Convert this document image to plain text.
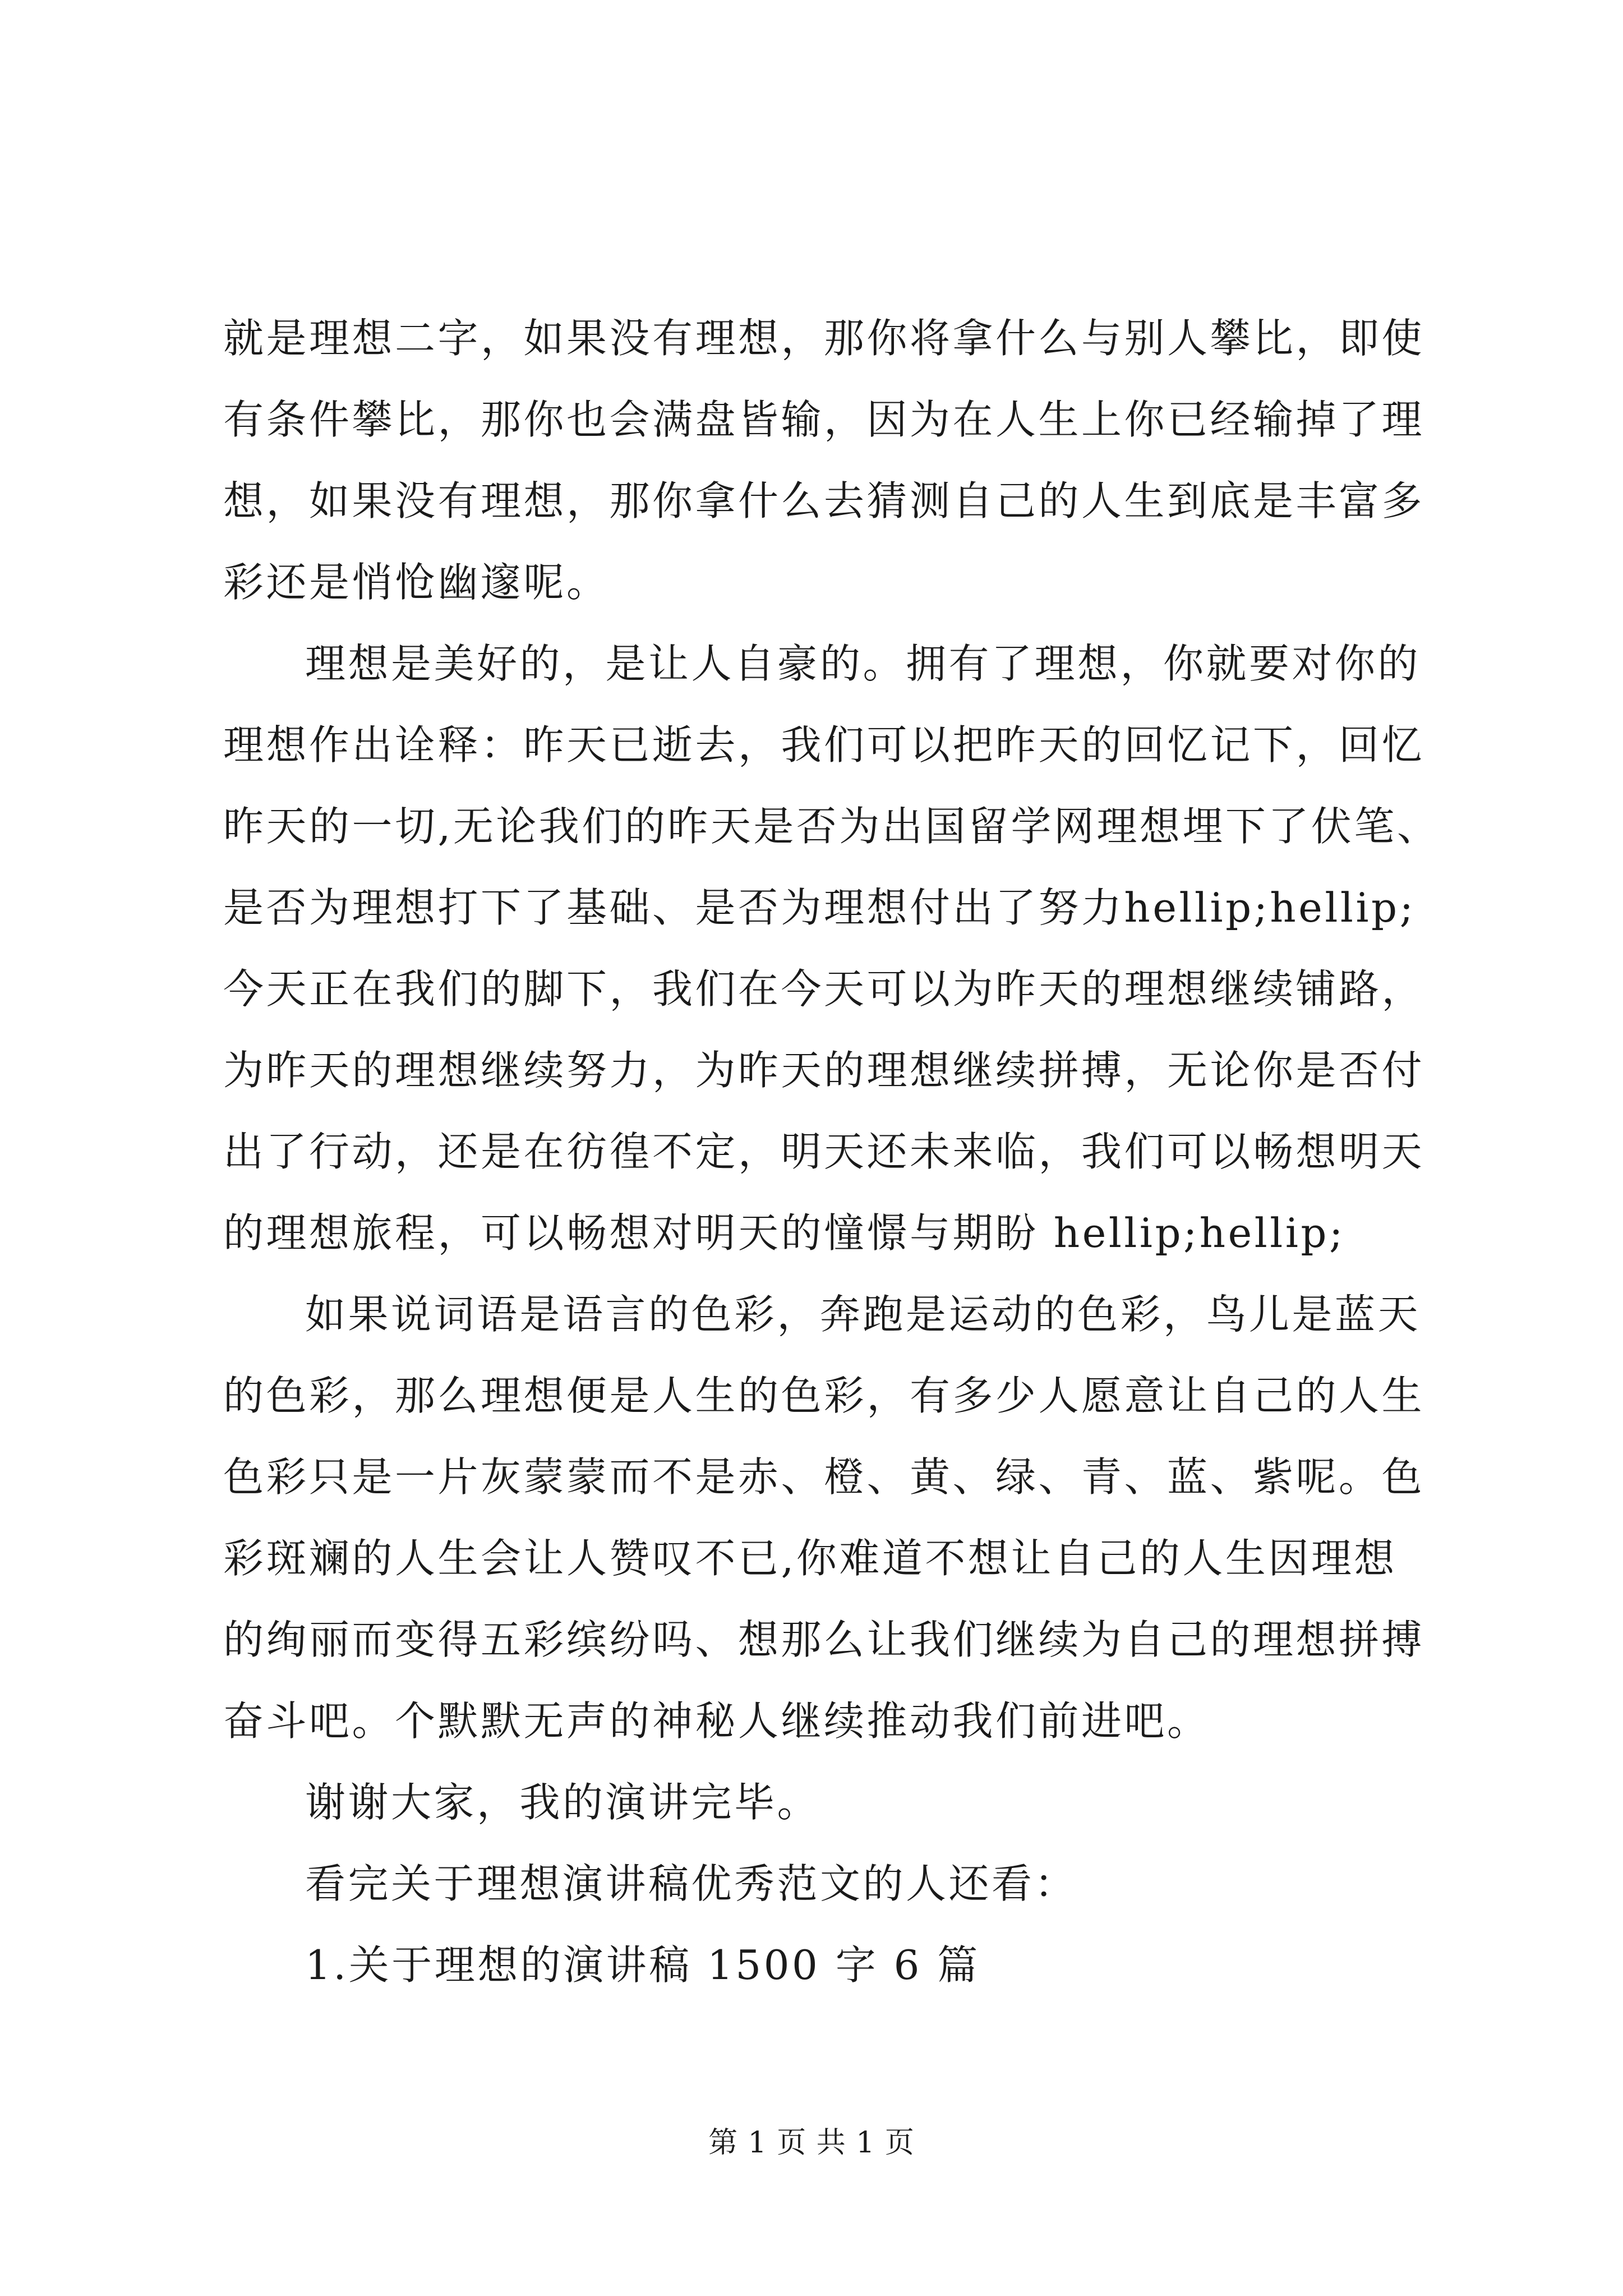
就是理想二字，如果没有理想，那你将拿什么与别人攀比，即使
有条件攀比，那你也会满盘皆输，因为在人生上你已经输掉了理
想，如果没有理想，那你拿什么去猜测自己的人生到底是丰富多
彩还是悄怆幽邃呢。
理想是美好的，是让人自豪的。拥有了理想，你就要对你的
理想作出诠释：昨天已逝去，我们可以把昨天的回忆记下，回忆
昨天的一切,无论我们的昨天是否为出国留学网理想埋下了伏笔、
是否为理想打下了基础、是否为理想付出了努力hellip;hellip;
今天正在我们的脚下，我们在今天可以为昨天的理想继续铺路，
为昨天的理想继续努力，为昨天的理想继续拼搏，无论你是否付
出了行动，还是在彷徨不定，明天还未来临，我们可以畅想明天
的理想旅程，可以畅想对明天的憧憬与期盼 hellip;hellip;
如果说词语是语言的色彩，奔跑是运动的色彩，鸟儿是蓝天
的色彩，那么理想便是人生的色彩，有多少人愿意让自己的人生
色彩只是一片灰蒙蒙而不是赤、橙、黄、绿、青、蓝、紫呢。色
彩斑斓的人生会让人赞叹不已,你难道不想让自己的人生因理想
的绚丽而变得五彩缤纷吗、想那么让我们继续为自己的理想拼搏
奋斗吧。个默默无声的神秘人继续推动我们前进吧。
谢谢大家，我的演讲完毕。
看完关于理想演讲稿优秀范文的人还看：
1.关于理想的演讲稿 1500 字 6 篇
第 1 页 共 1 页
